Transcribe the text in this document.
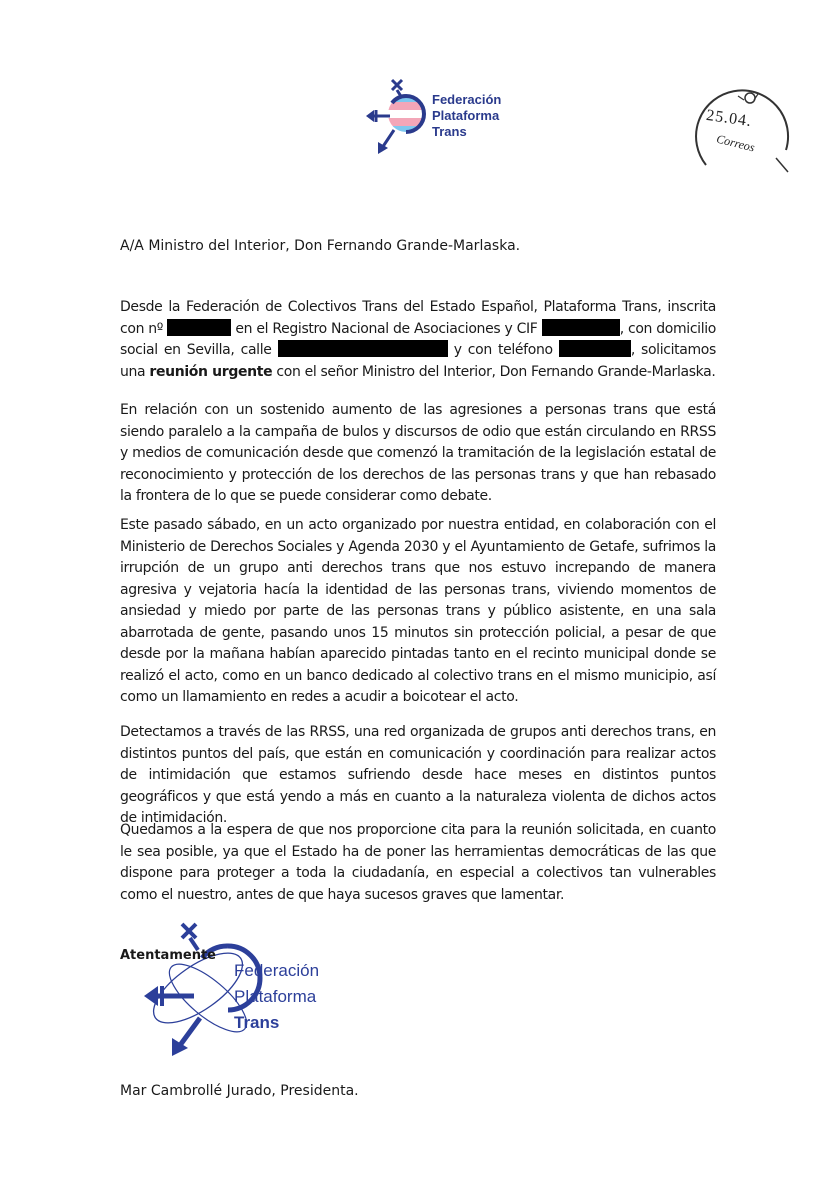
Federación
Plataforma
Trans
25.04.
Correos
A/A Ministro del Interior, Don Fernando Grande-Marlaska.

Desde la Federación de Colectivos Trans del Estado Español, Plataforma Trans, inscrita con nº	en el Registro Nacional de Asociaciones y CIF	, con domicilio social en Sevilla, calle	y con teléfono	, solicitamos una reunión urgente con el señor Ministro del Interior, Don Fernando Grande-Marlaska.

En relación con un sostenido aumento de las agresiones a personas trans que está siendo paralelo a la campaña de bulos y discursos de odio que están circulando en RRSS y medios de comunicación desde que comenzó la tramitación de la legislación estatal de reconocimiento y protección de los derechos de las personas trans y que han rebasado la frontera de lo que se puede considerar como debate.

Este pasado sábado, en un acto organizado por nuestra entidad, en colaboración con el Ministerio de Derechos Sociales y Agenda 2030 y el Ayuntamiento de Getafe, sufrimos la irrupción de un grupo anti derechos trans que nos estuvo increpando de manera agresiva y vejatoria hacía la identidad de las personas trans, viviendo momentos de ansiedad y miedo por parte de las personas trans y público asistente, en una sala abarrotada de gente, pasando unos 15 minutos sin protección policial, a pesar de que desde por la mañana habían aparecido pintadas tanto en el recinto municipal donde se realizó el acto, como en un banco dedicado al colectivo trans en el mismo municipio, así como un llamamiento en redes a acudir a boicotear el acto.

Detectamos a través de las RRSS, una red organizada de grupos anti derechos trans, en distintos puntos del país, que están en comunicación y coordinación para realizar actos de intimidación que estamos sufriendo desde hace meses en distintos puntos geográficos y que está yendo a más en cuanto a la naturaleza violenta de dichos actos de intimidación.

Quedamos a la espera de que nos proporcione cita para la reunión solicitada, en cuanto le sea posible, ya que el Estado ha de poner las herramientas democráticas de las que dispone para proteger a toda la ciudadanía, en especial a colectivos tan vulnerables como el nuestro, antes de que haya sucesos graves que lamentar.

Federación
Plataforma
Trans
Atentamente
Mar Cambrollé Jurado, Presidenta.
